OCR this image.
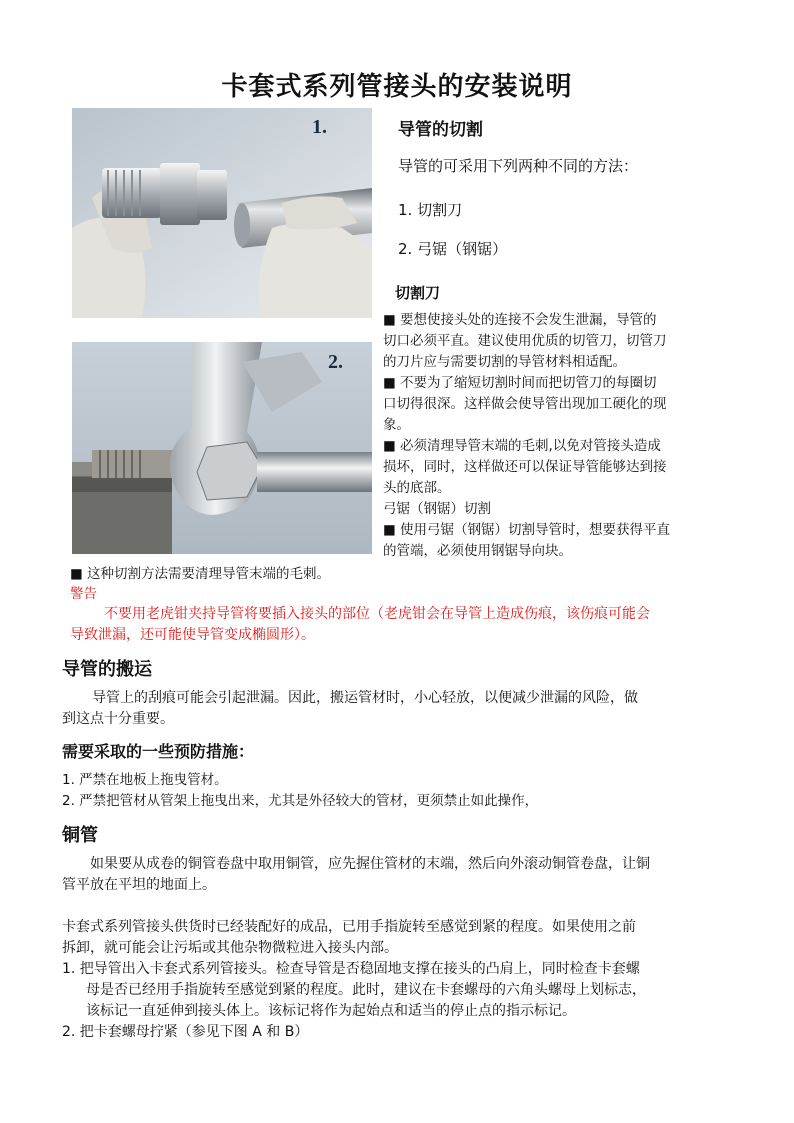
卡套式系列管接头的安装说明
1.
2.
导管的切割
导管的可采用下列两种不同的方法：
1. 切割刀
2. 弓锯（钢锯）
切割刀
■ 要想使接头处的连接不会发生泄漏，导管的
切口必须平直。建议使用优质的切管刀，切管刀
的刀片应与需要切割的导管材料相适配。
■ 不要为了缩短切割时间而把切管刀的每圈切
口切得很深。这样做会使导管出现加工硬化的现
象。
■ 必须清理导管末端的毛刺,以免对管接头造成
损坏，同时，这样做还可以保证导管能够达到接
头的底部。
弓锯（钢锯）切割
■ 使用弓锯（钢锯）切割导管时，想要获得平直
的管端，必须使用钢锯导向块。
■ 这种切割方法需要清理导管末端的毛刺。
警告
不要用老虎钳夹持导管将要插入接头的部位（老虎钳会在导管上造成伤痕，该伤痕可能会
导致泄漏，还可能使导管变成椭圆形）。
导管的搬运
导管上的刮痕可能会引起泄漏。因此，搬运管材时，小心轻放，以便减少泄漏的风险，做
到这点十分重要。
需要采取的一些预防措施：
1. 严禁在地板上拖曳管材。
2. 严禁把管材从管架上拖曳出来，尤其是外径较大的管材，更须禁止如此操作，
铜管
如果要从成卷的铜管卷盘中取用铜管，应先握住管材的末端，然后向外滚动铜管卷盘，让铜
管平放在平坦的地面上。
卡套式系列管接头供货时已经装配好的成品，已用手指旋转至感觉到紧的程度。如果使用之前
拆卸，就可能会让污垢或其他杂物微粒进入接头内部。
1. 把导管出入卡套式系列管接头。检查导管是否稳固地支撑在接头的凸肩上，同时检查卡套螺
母是否已经用手指旋转至感觉到紧的程度。此时，建议在卡套螺母的六角头螺母上划标志，
该标记一直延伸到接头体上。该标记将作为起始点和适当的停止点的指示标记。
2. 把卡套螺母拧紧（参见下图 A 和 B）
